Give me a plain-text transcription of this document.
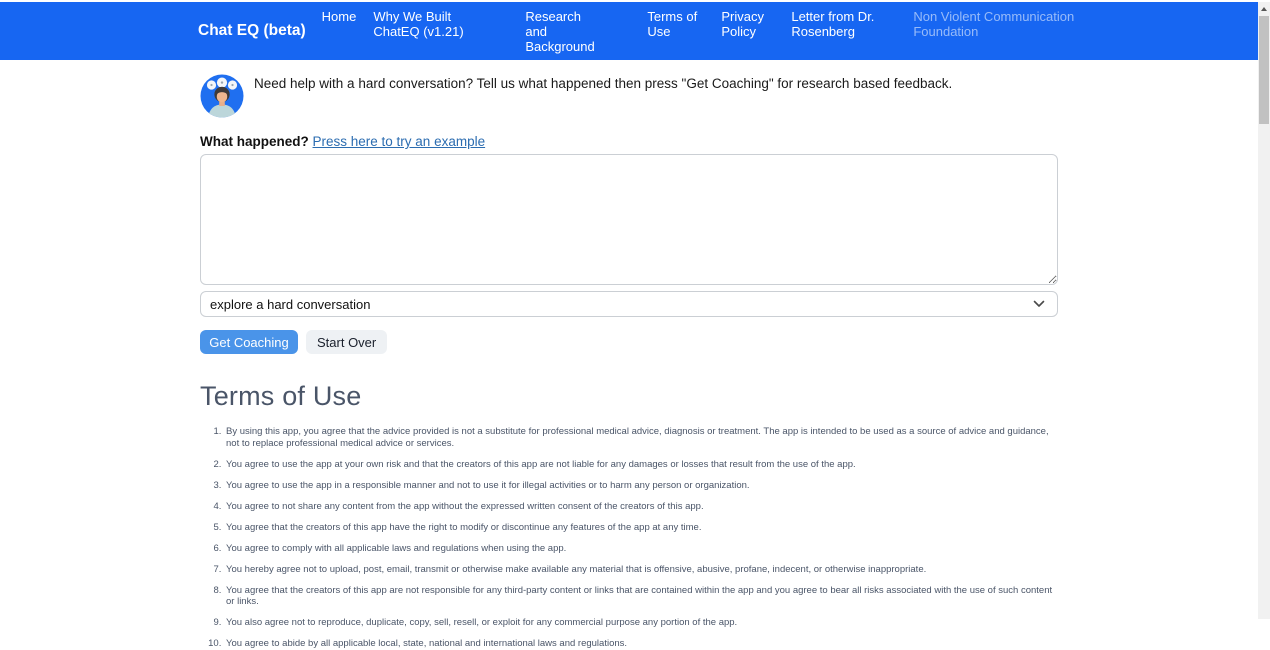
Chat EQ (beta)
Home Why We Built ChatEQ (v1.21)
Research and Background
Terms of Use
Privacy Policy
Letter from Dr. Rosenberg
Non Violent Communication Foundation

Need help with a hard conversation? Tell us what happened then press "Get Coaching" for research based feedback.

What happened? Press here to try an example
explore a hard conversation
Get Coaching	Start Over
Terms of Use
1. By using this app, you agree that the advice provided is not a substitute for professional medical advice, diagnosis or treatment. The app is intended to be used as a source of advice and guidance, not to replace professional medical advice or services.
2. You agree to use the app at your own risk and that the creators of this app are not liable for any damages or losses that result from the use of the app.
3. You agree to use the app in a responsible manner and not to use it for illegal activities or to harm any person or organization.
4. You agree to not share any content from the app without the expressed written consent of the creators of this app.
5. You agree that the creators of this app have the right to modify or discontinue any features of the app at any time.
6. You agree to comply with all applicable laws and regulations when using the app.
7. You hereby agree not to upload, post, email, transmit or otherwise make available any material that is offensive, abusive, profane, indecent, or otherwise inappropriate.
8. You agree that the creators of this app are not responsible for any third-party content or links that are contained within the app and you agree to bear all risks associated with the use of such content or links.
9. You also agree not to reproduce, duplicate, copy, sell, resell, or exploit for any commercial purpose any portion of the app.
10. You agree to abide by all applicable local, state, national and international laws and regulations.
